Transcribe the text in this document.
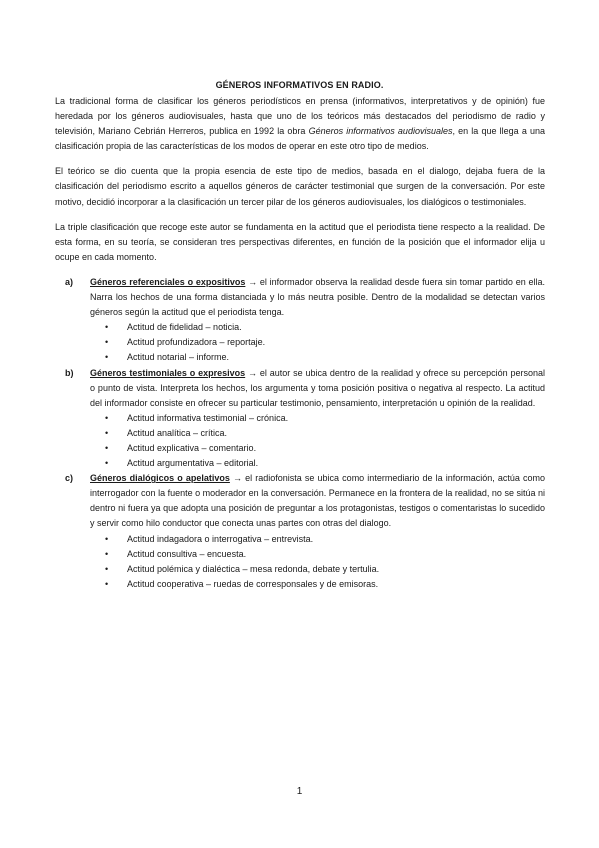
GÉNEROS INFORMATIVOS EN RADIO.

La tradicional forma de clasificar los géneros periodísticos en prensa (informativos, interpretativos y de opinión) fue heredada por los géneros audiovisuales, hasta que uno de los teóricos más destacados del periodismo de radio y televisión, Mariano Cebrián Herreros, publica en 1992 la obra Géneros informativos audiovisuales, en la que llega a una clasificación propia de las características de los modos de operar en este otro tipo de medios.

El teórico se dio cuenta que la propia esencia de este tipo de medios, basada en el dialogo, dejaba fuera de la clasificación del periodismo escrito a aquellos géneros de carácter testimonial que surgen de la conversación. Por este motivo, decidió incorporar a la clasificación un tercer pilar de los géneros audiovisuales, los dialógicos o testimoniales.

La triple clasificación que recoge este autor se fundamenta en la actitud que el periodista tiene respecto a la realidad. De esta forma, en su teoría, se consideran tres perspectivas diferentes, en función de la posición que el informador elija u ocupe en cada momento.

a) Géneros referenciales o expositivos → el informador observa la realidad desde fuera sin tomar partido en ella. Narra los hechos de una forma distanciada y lo más neutra posible. Dentro de la modalidad se detectan varios géneros según la actitud que el periodista tenga.
• Actitud de fidelidad – noticia.
• Actitud profundizadora – reportaje.
• Actitud notarial – informe.
b) Géneros testimoniales o expresivos → el autor se ubica dentro de la realidad y ofrece su percepción personal o punto de vista. Interpreta los hechos, los argumenta y toma posición positiva o negativa al respecto. La actitud del informador consiste en ofrecer su particular testimonio, pensamiento, interpretación u opinión de la realidad.
• Actitud informativa testimonial – crónica.
• Actitud analítica – crítica.
• Actitud explicativa – comentario.
• Actitud argumentativa – editorial.
c) Géneros dialógicos o apelativos → el radiofonista se ubica como intermediario de la información, actúa como interrogador con la fuente o moderador en la conversación. Permanece en la frontera de la realidad, no se sitúa ni dentro ni fuera ya que adopta una posición de preguntar a los protagonistas, testigos o comentaristas lo sucedido y servir como hilo conductor que conecta unas partes con otras del dialogo.
• Actitud indagadora o interrogativa – entrevista.
• Actitud consultiva – encuesta.
• Actitud polémica y dialéctica – mesa redonda, debate y tertulia.
• Actitud cooperativa – ruedas de corresponsales y de emisoras.
1
